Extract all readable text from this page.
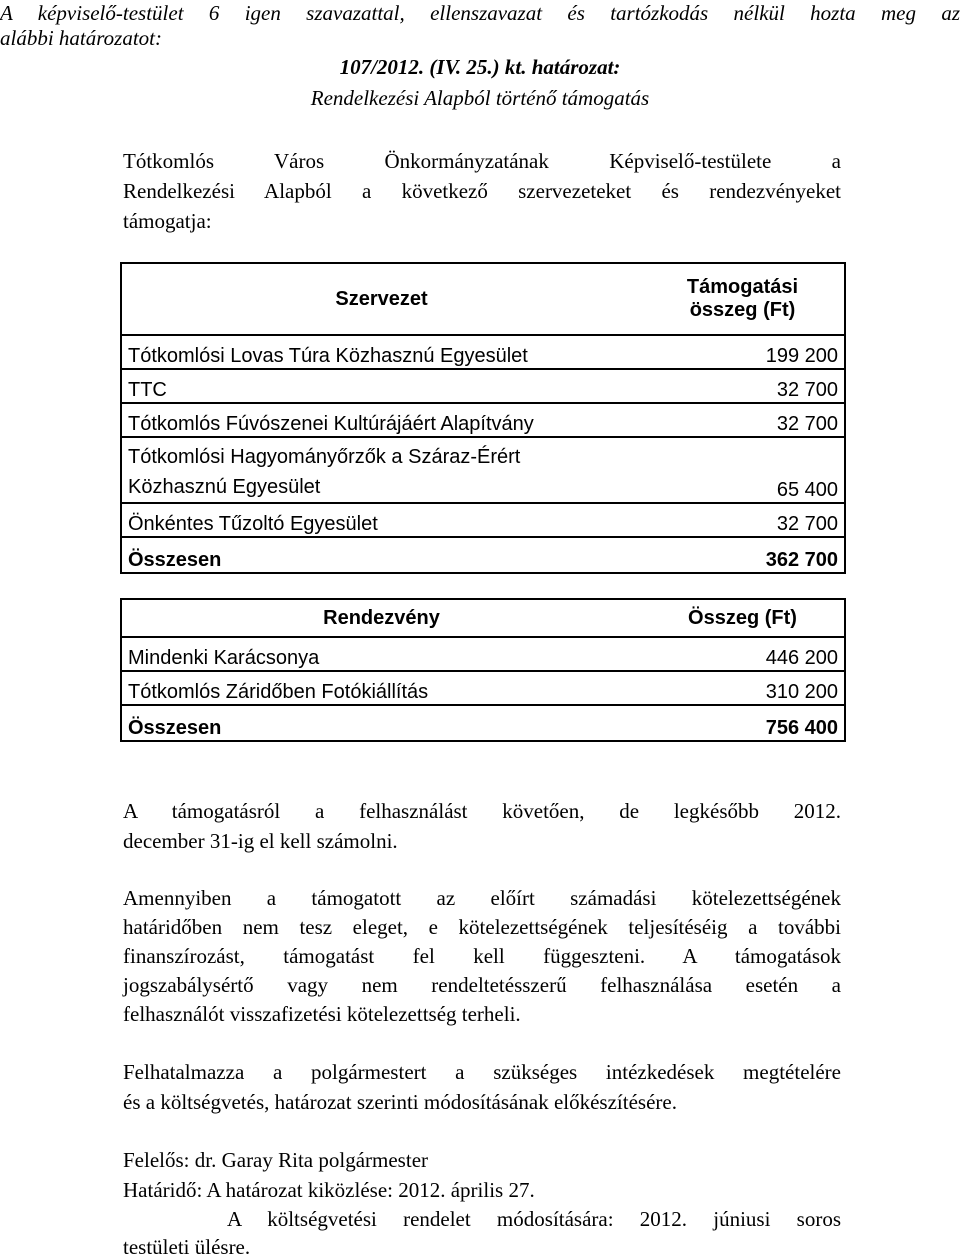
A képviselő-testület 6 igen szavazattal, ellenszavazat és tartózkodás nélkül hozta meg az
alábbi határozatot:
107/2012. (IV. 25.) kt. határozat:
Rendelkezési Alapból történő támogatás
Tótkomlós Város Önkormányzatának Képviselő-testülete a
Rendelkezési Alapból a következő szervezeteket és rendezvényeket
támogatja:
Szervezet	Támogatási
összeg (Ft)

Tótkomlósi Lovas Túra Közhasznú Egyesület	199 200
TTC	32 700
Tótkomlós Fúvószenei Kultúrájáért Alapítvány	32 700

Tótkomlósi Hagyományőrzők a Száraz-Érért
Közhasznú Egyesület	65 400
Önkéntes Tűzoltó Egyesület	32 700
Összesen	362 700
Rendezvény	Összeg (Ft)
Mindenki Karácsonya	446 200
Tótkomlós Záridőben Fotókiállítás	310 200
Összesen	756 400
A támogatásról a felhasználást követően, de legkésőbb 2012.
december 31-ig el kell számolni.
Amennyiben a támogatott az előírt számadási kötelezettségének
határidőben nem tesz eleget, e kötelezettségének teljesítéséig a további
finanszírozást, támogatást fel kell függeszteni. A támogatások
jogszabálysértő vagy nem rendeltetésszerű felhasználása esetén a
felhasználót visszafizetési kötelezettség terheli.
Felhatalmazza a polgármestert a szükséges intézkedések megtételére
és a költségvetés, határozat szerinti módosításának előkészítésére.
Felelős: dr. Garay Rita polgármester
Határidő: A határozat kiközlése: 2012. április 27.
A költségvetési rendelet módosítására: 2012. júniusi soros
testületi ülésre.
